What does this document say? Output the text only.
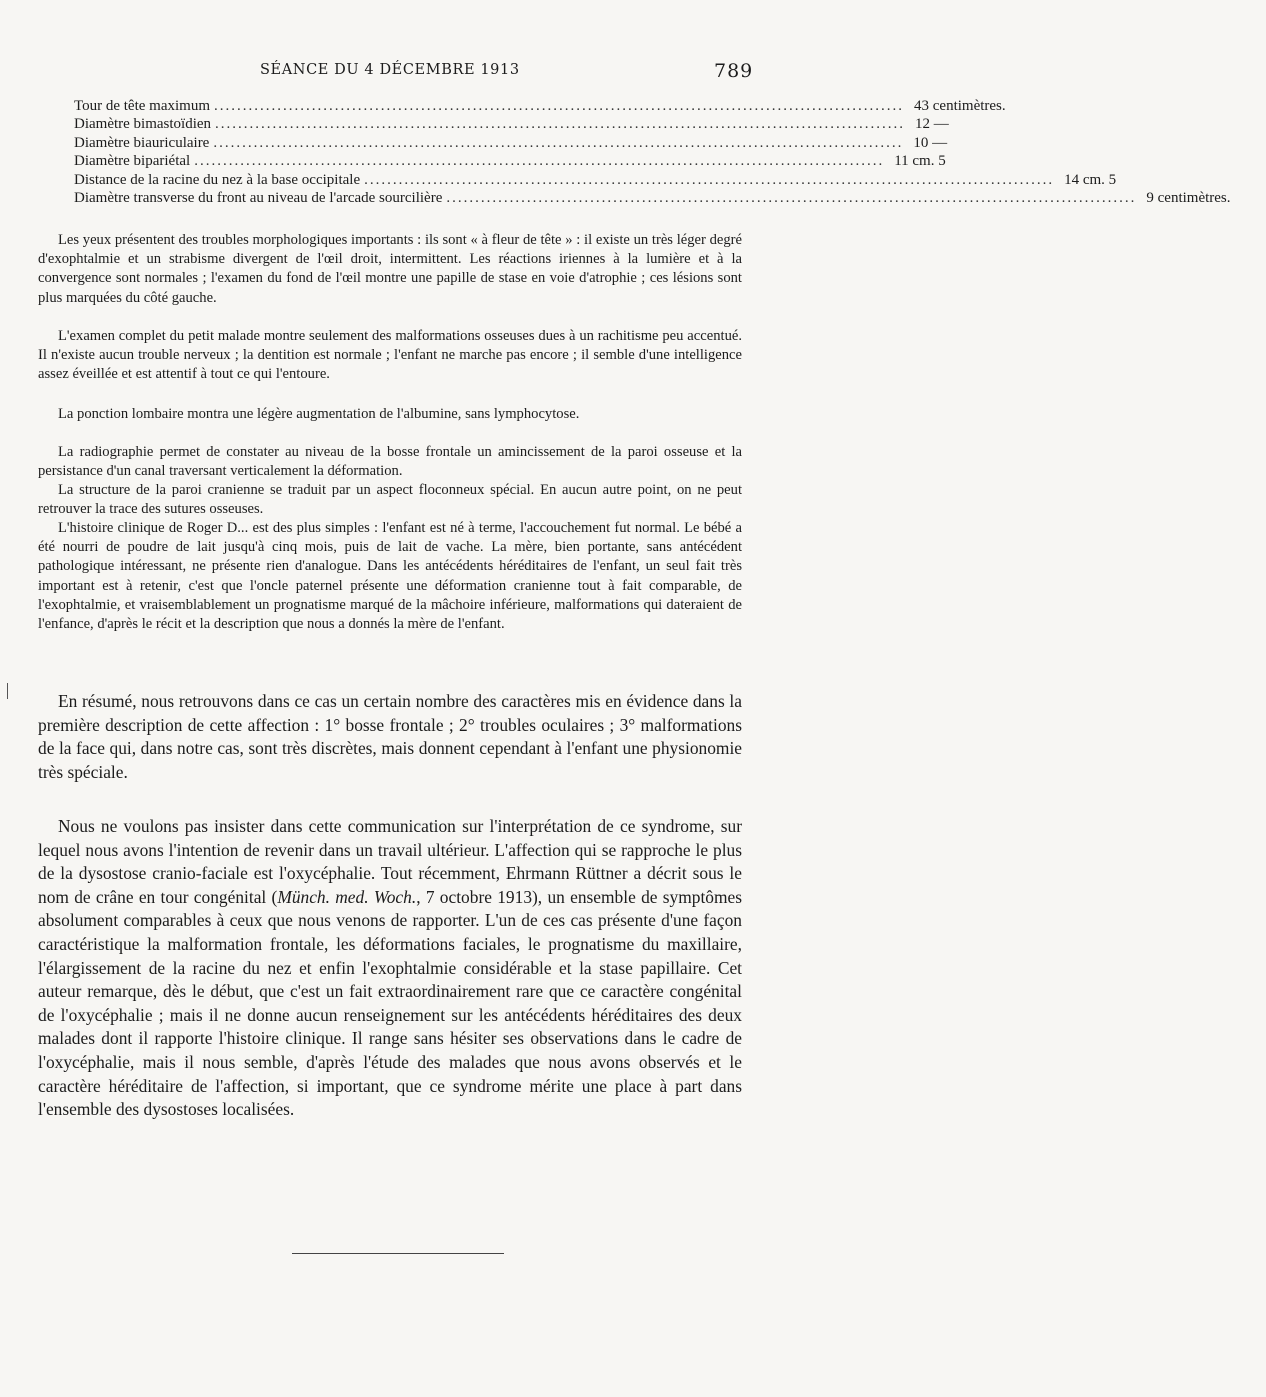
SÉANCE DU 4 DÉCEMBRE 1913	789
Tour de tête maximum ........................................................................................................................ 43 centimètres.
Diamètre bimastoïdien ........................................................................................................................ 12 —
Diamètre biauriculaire ........................................................................................................................ 10 —
Diamètre bipariétal ........................................................................................................................ 11 cm. 5
Distance de la racine du nez à la base occipitale ........................................................................................................................ 14 cm. 5
Diamètre transverse du front au niveau de l'arcade sourcilière ........................................................................................................................ 9 centimètres.

Les yeux présentent des troubles morphologiques importants : ils sont « à fleur de tête » : il existe un très léger degré d'exophtalmie et un strabisme divergent de l'œil droit, intermittent. Les réactions iriennes à la lumière et à la convergence sont normales ; l'examen du fond de l'œil montre une papille de stase en voie d'atrophie ; ces lésions sont plus marquées du côté gauche.

L'examen complet du petit malade montre seulement des malformations osseuses dues à un rachitisme peu accentué. Il n'existe aucun trouble nerveux ; la dentition est normale ; l'enfant ne marche pas encore ; il semble d'une intelligence assez éveillée et est attentif à tout ce qui l'entoure.

La ponction lombaire montra une légère augmentation de l'albumine, sans lymphocytose.

La radiographie permet de constater au niveau de la bosse frontale un amincissement de la paroi osseuse et la persistance d'un canal traversant verticalement la déformation.

La structure de la paroi cranienne se traduit par un aspect floconneux spécial. En aucun autre point, on ne peut retrouver la trace des sutures osseuses.

L'histoire clinique de Roger D... est des plus simples : l'enfant est né à terme, l'accouchement fut normal. Le bébé a été nourri de poudre de lait jusqu'à cinq mois, puis de lait de vache. La mère, bien portante, sans antécédent pathologique intéressant, ne présente rien d'analogue. Dans les antécédents héréditaires de l'enfant, un seul fait très important est à retenir, c'est que l'oncle paternel présente une déformation cranienne tout à fait comparable, de l'exophtalmie, et vraisemblablement un prognatisme marqué de la mâchoire inférieure, malformations qui dateraient de l'enfance, d'après le récit et la description que nous a donnés la mère de l'enfant.

En résumé, nous retrouvons dans ce cas un certain nombre des caractères mis en évidence dans la première description de cette affection : 1° bosse frontale ; 2° troubles oculaires ; 3° malformations de la face qui, dans notre cas, sont très discrètes, mais donnent cependant à l'enfant une physionomie très spéciale.

Nous ne voulons pas insister dans cette communication sur l'interprétation de ce syndrome, sur lequel nous avons l'intention de revenir dans un travail ultérieur. L'affection qui se rapproche le plus de la dysostose cranio-faciale est l'oxycéphalie. Tout récemment, Ehrmann Rüttner a décrit sous le nom de crâne en tour congénital (Münch. med. Woch., 7 octobre 1913), un ensemble de symptômes absolument comparables à ceux que nous venons de rapporter. L'un de ces cas présente d'une façon caractéristique la malformation frontale, les déformations faciales, le prognatisme du maxillaire, l'élargissement de la racine du nez et enfin l'exophtalmie considérable et la stase papillaire. Cet auteur remarque, dès le début, que c'est un fait extraordinairement rare que ce caractère congénital de l'oxycéphalie ; mais il ne donne aucun renseignement sur les antécédents héréditaires des deux malades dont il rapporte l'histoire clinique. Il range sans hésiter ses observations dans le cadre de l'oxycéphalie, mais il nous semble, d'après l'étude des malades que nous avons observés et le caractère héréditaire de l'affection, si important, que ce syndrome mérite une place à part dans l'ensemble des dysostoses localisées.
